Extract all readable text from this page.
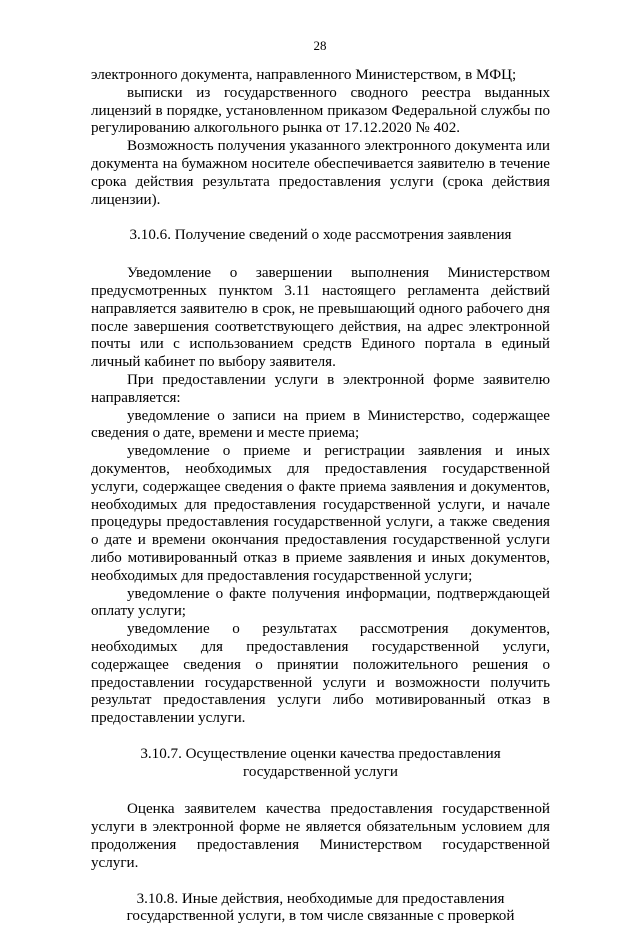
28

электронного документа, направленного Министерством, в МФЦ;

выписки из государственного сводного реестра выданных лицензий в порядке, установленном приказом Федеральной службы по регулированию алкогольного рынка от 17.12.2020 № 402.

Возможность получения указанного электронного документа или документа на бумажном носителе обеспечивается заявителю в течение срока действия результата предоставления услуги (срока действия лицензии).

3.10.6. Получение сведений о ходе рассмотрения заявления

Уведомление о завершении выполнения Министерством предусмотренных пунктом 3.11 настоящего регламента действий направляется заявителю в срок, не превышающий одного рабочего дня после завершения соответствующего действия, на адрес электронной почты или с использованием средств Единого портала в единый личный кабинет по выбору заявителя.

При предоставлении услуги в электронной форме заявителю направляется:

уведомление о записи на прием в Министерство, содержащее сведения о дате, времени и месте приема;

уведомление о приеме и регистрации заявления и иных документов, необходимых для предоставления государственной услуги, содержащее сведения о факте приема заявления и документов, необходимых для предоставления государственной услуги, и начале процедуры предоставления государственной услуги, а также сведения о дате и времени окончания предоставления государственной услуги либо мотивированный отказ в приеме заявления и иных документов, необходимых для предоставления государственной услуги;

уведомление о факте получения информации, подтверждающей оплату услуги;

уведомление о результатах рассмотрения документов, необходимых для предоставления государственной услуги, содержащее сведения о принятии положительного решения о предоставлении государственной услуги и возможности получить результат предоставления услуги либо мотивированный отказ в предоставлении услуги.

3.10.7. Осуществление оценки качества предоставления

государственной услуги

Оценка заявителем качества предоставления государственной услуги в электронной форме не является обязательным условием для продолжения предоставления Министерством государственной услуги.

3.10.8. Иные действия, необходимые для предоставления

государственной услуги, в том числе связанные с проверкой
